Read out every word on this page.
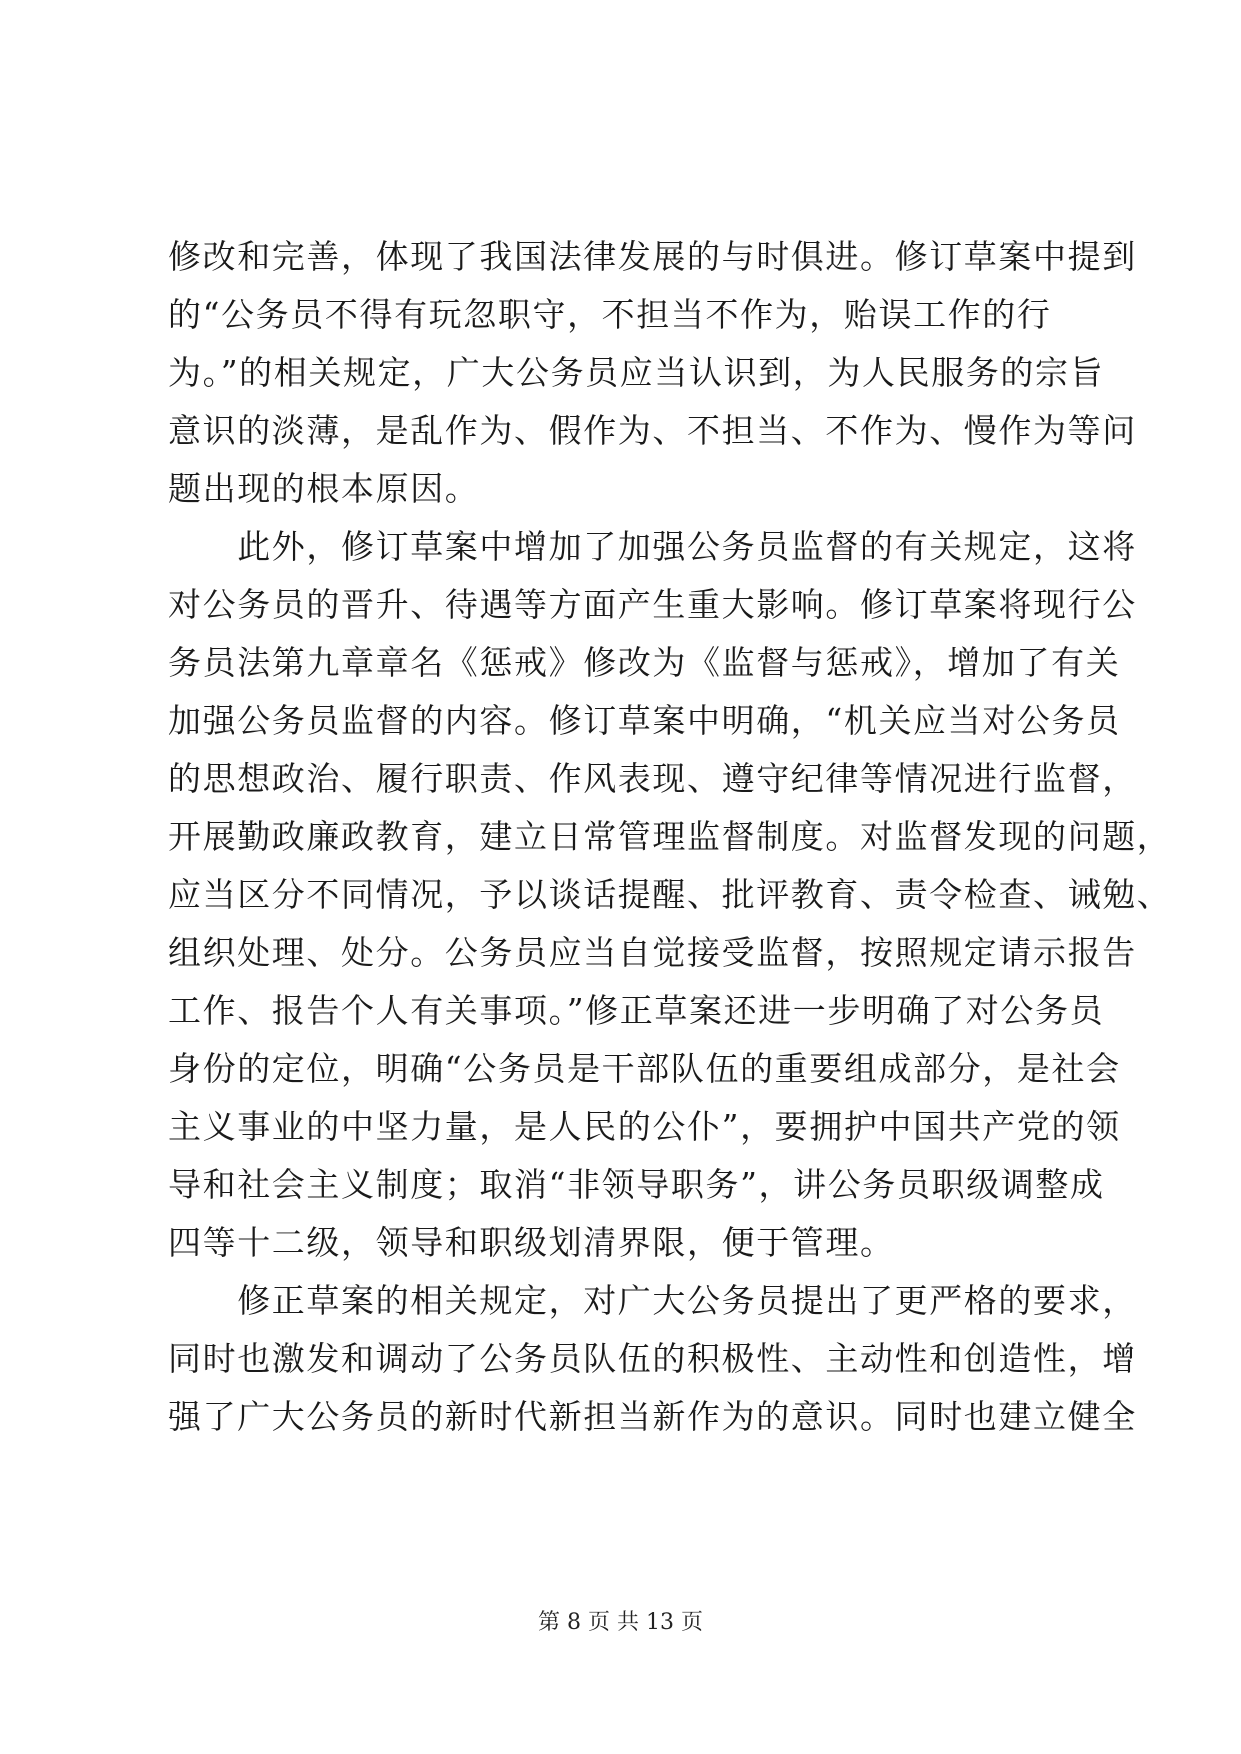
修改和完善，体现了我国法律发展的与时俱进。修订草案中提到
的“公务员不得有玩忽职守，不担当不作为，贻误工作的行
为。”的相关规定，广大公务员应当认识到，为人民服务的宗旨
意识的淡薄，是乱作为、假作为、不担当、不作为、慢作为等问
题出现的根本原因。
　　此外，修订草案中增加了加强公务员监督的有关规定，这将
对公务员的晋升、待遇等方面产生重大影响。修订草案将现行公
务员法第九章章名《惩戒》修改为《监督与惩戒》，增加了有关
加强公务员监督的内容。修订草案中明确，“机关应当对公务员
的思想政治、履行职责、作风表现、遵守纪律等情况进行监督，
开展勤政廉政教育，建立日常管理监督制度。对监督发现的问题，
应当区分不同情况，予以谈话提醒、批评教育、责令检查、诫勉、
组织处理、处分。公务员应当自觉接受监督，按照规定请示报告
工作、报告个人有关事项。”修正草案还进一步明确了对公务员
身份的定位，明确“公务员是干部队伍的重要组成部分，是社会
主义事业的中坚力量，是人民的公仆”，要拥护中国共产党的领
导和社会主义制度；取消“非领导职务”，讲公务员职级调整成
四等十二级，领导和职级划清界限，便于管理。
　　修正草案的相关规定，对广大公务员提出了更严格的要求，
同时也激发和调动了公务员队伍的积极性、主动性和创造性，增
强了广大公务员的新时代新担当新作为的意识。同时也建立健全
第 8 页 共 13 页
